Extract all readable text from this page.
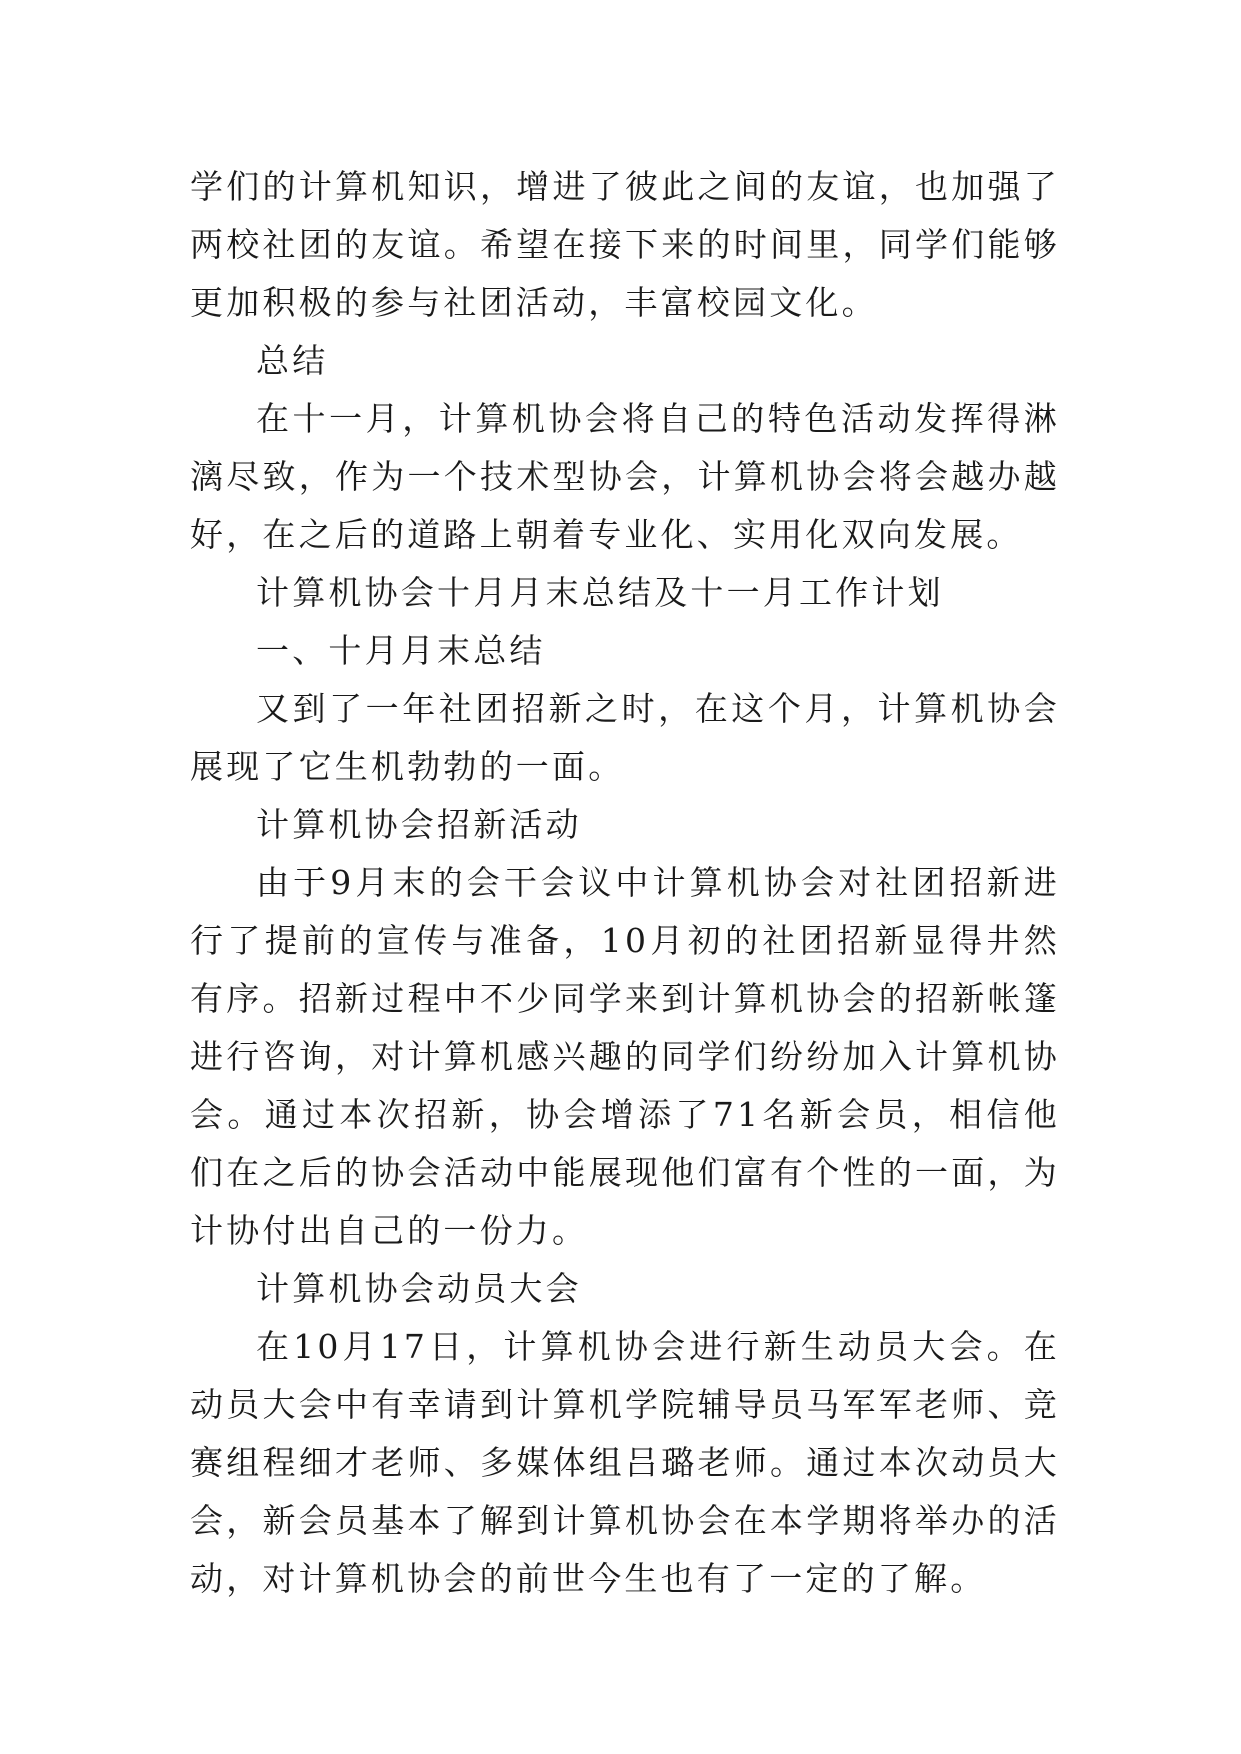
学们的计算机知识，增进了彼此之间的友谊，也加强了两校社团的友谊。希望在接下来的时间里，同学们能够更加积极的参与社团活动，丰富校园文化。

总结

在十一月，计算机协会将自己的特色活动发挥得淋漓尽致，作为一个技术型协会，计算机协会将会越办越好，在之后的道路上朝着专业化、实用化双向发展。

计算机协会十月月末总结及十一月工作计划

一、十月月末总结

又到了一年社团招新之时，在这个月，计算机协会展现了它生机勃勃的一面。

计算机协会招新活动

由于9月末的会干会议中计算机协会对社团招新进行了提前的宣传与准备，10月初的社团招新显得井然有序。招新过程中不少同学来到计算机协会的招新帐篷进行咨询，对计算机感兴趣的同学们纷纷加入计算机协会。通过本次招新，协会增添了71名新会员，相信他们在之后的协会活动中能展现他们富有个性的一面，为计协付出自己的一份力。

计算机协会动员大会

在10月17日，计算机协会进行新生动员大会。在动员大会中有幸请到计算机学院辅导员马军军老师、竞赛组程细才老师、多媒体组吕璐老师。通过本次动员大会，新会员基本了解到计算机协会在本学期将举办的活动，对计算机协会的前世今生也有了一定的了解。
